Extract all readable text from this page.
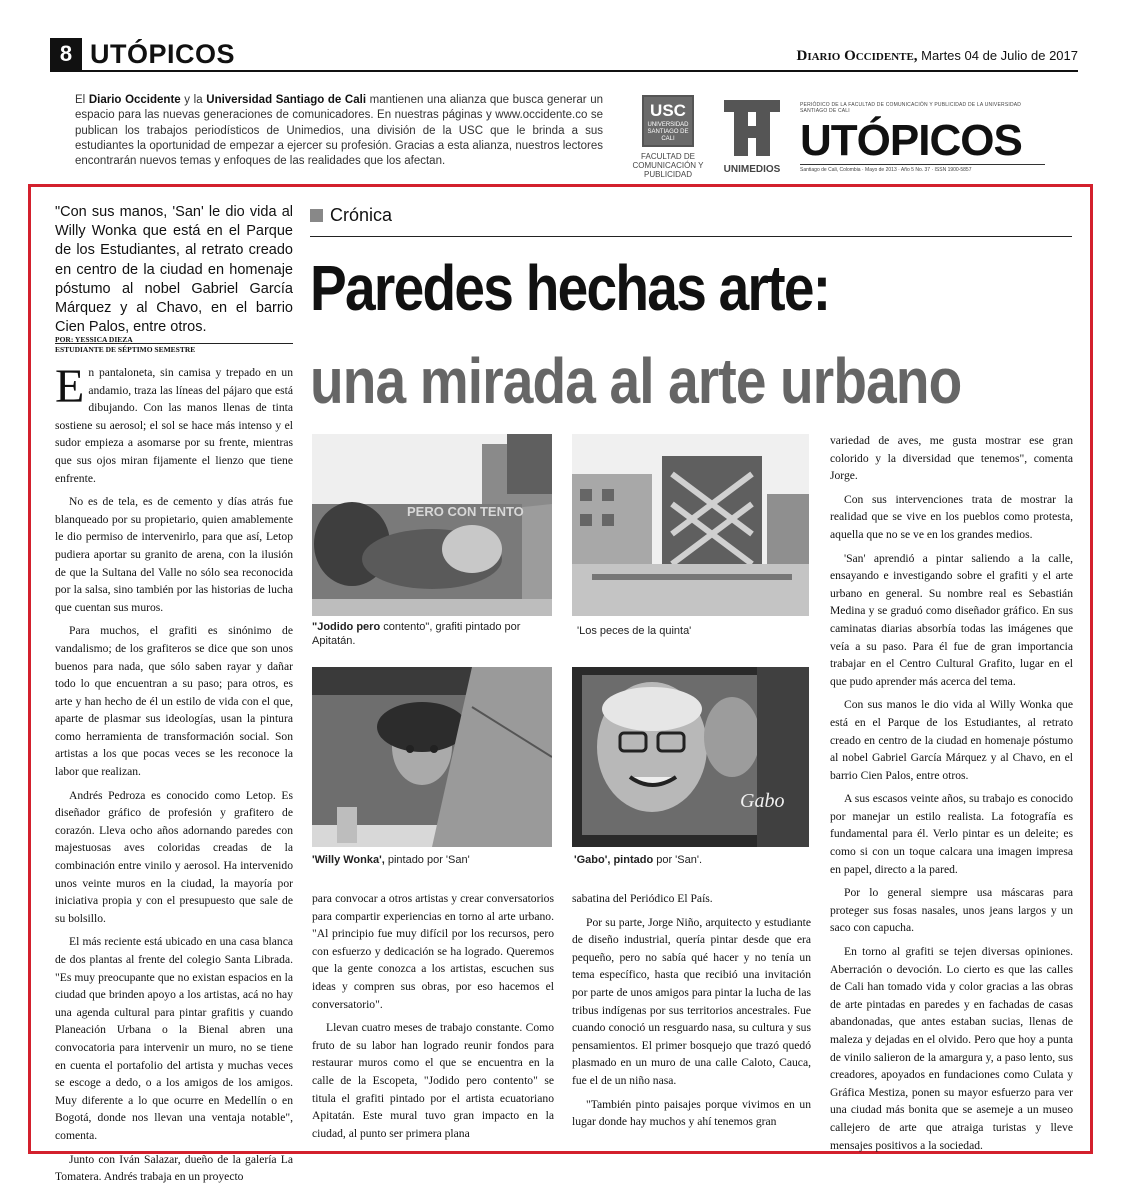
8 UTÓPICOS	Diario Occidente, Martes 04 de Julio de 2017
El Diario Occidente y la Universidad Santiago de Cali mantienen una alianza que busca generar un espacio para las nuevas generaciones de comunicadores. En nuestras páginas y www.occidente.co se publican los trabajos periodísticos de Unimedios, una división de la USC que le brinda a sus estudiantes la oportunidad de empezar a ejercer su profesión. Gracias a esta alianza, nuestros lectores encontrarán nuevos temas y enfoques de las realidades que los afectan.
USC
UNIVERSIDAD SANTIAGO DE CALI
FACULTAD DE COMUNICACIÓN Y PUBLICIDAD	UNIMEDIOS
PERIÓDICO DE LA FACULTAD DE COMUNICACIÓN Y PUBLICIDAD DE LA UNIVERSIDAD SANTIAGO DE CALI
UTÓPICOS
Santiago de Cali, Colombia · Mayo de 2013 · Año 5 No. 37 · ISSN 1900-5857
"Con sus manos, 'San' le dio vida al Willy Wonka que está en el Parque de los Estudiantes, al retrato creado en centro de la ciudad en homenaje póstumo al nobel Gabriel García Márquez y al Chavo, en el barrio Cien Palos, entre otros.
POR: YESSICA DIEZA
ESTUDIANTE DE SÉPTIMO SEMESTRE

En pantaloneta, sin camisa y trepado en un andamio, traza las líneas del pájaro que está dibujando. Con las manos llenas de tinta sostiene su aerosol; el sol se hace más intenso y el sudor empieza a asomarse por su frente, mientras que sus ojos miran fijamente el lienzo que tiene enfrente.

No es de tela, es de cemento y días atrás fue blanqueado por su propietario, quien amablemente le dio permiso de intervenirlo, para que así, Letop pudiera aportar su granito de arena, con la ilusión de que la Sultana del Valle no sólo sea reconocida por la salsa, sino también por las historias de lucha que cuentan sus muros.

Para muchos, el grafiti es sinónimo de vandalismo; de los grafiteros se dice que son unos buenos para nada, que sólo saben rayar y dañar todo lo que encuentran a su paso; para otros, es arte y han hecho de él un estilo de vida con el que, aparte de plasmar sus ideologías, usan la pintura como herramienta de transformación social. Son artistas a los que pocas veces se les reconoce la labor que realizan.

Andrés Pedroza es conocido como Letop. Es diseñador gráfico de profesión y grafitero de corazón. Lleva ocho años adornando paredes con majestuosas aves coloridas creadas de la combinación entre vinilo y aerosol. Ha intervenido unos veinte muros en la ciudad, la mayoría por iniciativa propia y con el presupuesto que sale de su bolsillo.

El más reciente está ubicado en una casa blanca de dos plantas al frente del colegio Santa Librada. "Es muy preocupante que no existan espacios en la ciudad que brinden apoyo a los artistas, acá no hay una agenda cultural para pintar grafitis y cuando Planeación Urbana o la Bienal abren una convocatoria para intervenir un muro, no se tiene en cuenta el portafolio del artista y muchas veces se escoge a dedo, o a los amigos de los amigos. Muy diferente a lo que ocurre en Medellín o en Bogotá, donde nos llevan una ventaja notable", comenta.

Junto con Iván Salazar, dueño de la galería La Tomatera. Andrés trabaja en un proyecto

Crónica
Paredes hechas arte:
una mirada al arte urbano
PERO CON TENTO
"Jodido pero contento", grafiti pintado por Apitatán.
'Los peces de la quinta'
'Willy Wonka', pintado por 'San'
Gabo
'Gabo', pintado por 'San'.

para convocar a otros artistas y crear conversatorios para compartir experiencias en torno al arte urbano. "Al principio fue muy difícil por los recursos, pero con esfuerzo y dedicación se ha logrado. Queremos que la gente conozca a los artistas, escuchen sus ideas y compren sus obras, por eso hacemos el conversatorio".

Llevan cuatro meses de trabajo constante. Como fruto de su labor han logrado reunir fondos para restaurar muros como el que se encuentra en la calle de la Escopeta, "Jodido pero contento" se titula el grafiti pintado por el artista ecuatoriano Apitatán. Este mural tuvo gran impacto en la ciudad, al punto ser primera plana

sabatina del Periódico El País.

Por su parte, Jorge Niño, arquitecto y estudiante de diseño industrial, quería pintar desde que era pequeño, pero no sabía qué hacer y no tenía un tema específico, hasta que recibió una invitación por parte de unos amigos para pintar la lucha de las tribus indígenas por sus territorios ancestrales. Fue cuando conoció un resguardo nasa, su cultura y sus pensamientos. El primer bosquejo que trazó quedó plasmado en un muro de una calle Caloto, Cauca, fue el de un niño nasa.

"También pinto paisajes porque vivimos en un lugar donde hay muchos y ahí tenemos gran

variedad de aves, me gusta mostrar ese gran colorido y la diversidad que tenemos", comenta Jorge.

Con sus intervenciones trata de mostrar la realidad que se vive en los pueblos como protesta, aquella que no se ve en los grandes medios.

'San' aprendió a pintar saliendo a la calle, ensayando e investigando sobre el grafiti y el arte urbano en general. Su nombre real es Sebastián Medina y se graduó como diseñador gráfico. En sus caminatas diarias absorbía todas las imágenes que veía a su paso. Para él fue de gran importancia trabajar en el Centro Cultural Grafito, lugar en el que pudo aprender más acerca del tema.

Con sus manos le dio vida al Willy Wonka que está en el Parque de los Estudiantes, al retrato creado en centro de la ciudad en homenaje póstumo al nobel Gabriel García Márquez y al Chavo, en el barrio Cien Palos, entre otros.

A sus escasos veinte años, su trabajo es conocido por manejar un estilo realista. La fotografía es fundamental para él. Verlo pintar es un deleite; es como si con un toque calcara una imagen impresa en papel, directo a la pared.

Por lo general siempre usa máscaras para proteger sus fosas nasales, unos jeans largos y un saco con capucha.

En torno al grafiti se tejen diversas opiniones. Aberración o devoción. Lo cierto es que las calles de Cali han tomado vida y color gracias a las obras de arte pintadas en paredes y en fachadas de casas abandonadas, que antes estaban sucias, llenas de maleza y dejadas en el olvido. Pero que hoy a punta de vinilo salieron de la amargura y, a paso lento, sus creadores, apoyados en fundaciones como Culata y Gráfica Mestiza, ponen su mayor esfuerzo para ver una ciudad más bonita que se asemeje a un museo callejero de arte que atraiga turistas y lleve mensajes positivos a la sociedad.
